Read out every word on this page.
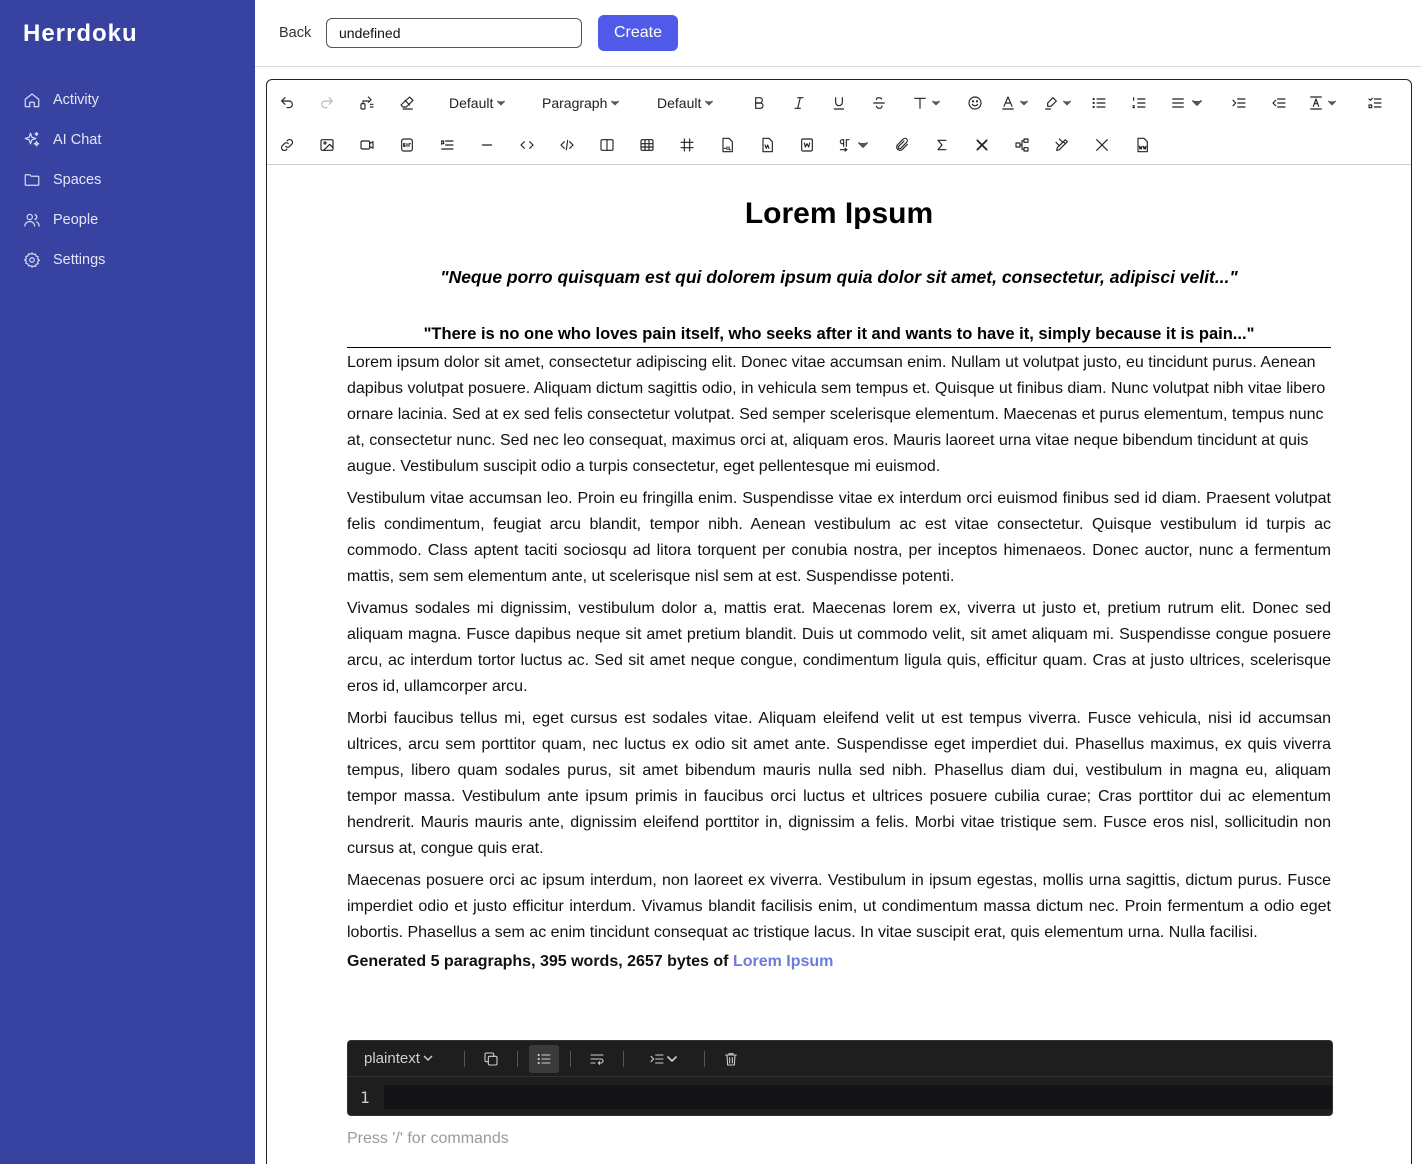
Herrdoku
Activity
AI Chat
Spaces
People
Settings
Back
undefined	Create
Default	Paragraph	Default
Lorem Ipsum
"Neque porro quisquam est qui dolorem ipsum quia dolor sit amet, consectetur, adipisci velit..."
"There is no one who loves pain itself, who seeks after it and wants to have it, simply because it is pain..."

Lorem ipsum dolor sit amet, consectetur adipiscing elit. Donec vitae accumsan enim. Nullam ut volutpat justo, eu tincidunt purus. Aenean dapibus volutpat posuere. Aliquam dictum sagittis odio, in vehicula sem tempus et. Quisque ut finibus diam. Nunc volutpat nibh vitae libero ornare lacinia. Sed at ex sed felis consectetur volutpat. Sed semper scelerisque elementum. Maecenas et purus elementum, tempus nunc at, consectetur nunc. Sed nec leo consequat, maximus orci at, aliquam eros. Mauris laoreet urna vitae neque bibendum tincidunt at quis augue. Vestibulum suscipit odio a turpis consectetur, eget pellentesque mi euismod.

Vestibulum vitae accumsan leo. Proin eu fringilla enim. Suspendisse vitae ex interdum orci euismod finibus sed id diam. Praesent volutpat felis condimentum, feugiat arcu blandit, tempor nibh. Aenean vestibulum ac est vitae consectetur. Quisque vestibulum id turpis ac commodo. Class aptent taciti sociosqu ad litora torquent per conubia nostra, per inceptos himenaeos. Donec auctor, nunc a fermentum mattis, sem sem elementum ante, ut scelerisque nisl sem at est. Suspendisse potenti.

Vivamus sodales mi dignissim, vestibulum dolor a, mattis erat. Maecenas lorem ex, viverra ut justo et, pretium rutrum elit. Donec sed aliquam magna. Fusce dapibus neque sit amet pretium blandit. Duis ut commodo velit, sit amet aliquam mi. Suspendisse congue posuere arcu, ac interdum tortor luctus ac. Sed sit amet neque congue, condimentum ligula quis, efficitur quam. Cras at justo ultrices, scelerisque eros id, ullamcorper arcu.

Morbi faucibus tellus mi, eget cursus est sodales vitae. Aliquam eleifend velit ut est tempus viverra. Fusce vehicula, nisi id accumsan ultrices, arcu sem porttitor quam, nec luctus ex odio sit amet ante. Suspendisse eget imperdiet dui. Phasellus maximus, ex quis viverra tempus, libero quam sodales purus, sit amet bibendum mauris nulla sed nibh. Phasellus diam dui, vestibulum in magna eu, aliquam tempor massa. Vestibulum ante ipsum primis in faucibus orci luctus et ultrices posuere cubilia curae; Cras porttitor dui ac elementum hendrerit. Mauris mauris ante, dignissim eleifend porttitor in, dignissim a felis. Morbi vitae tristique sem. Fusce eros nisl, sollicitudin non cursus at, congue quis erat.

Maecenas posuere orci ac ipsum interdum, non laoreet ex viverra. Vestibulum in ipsum egestas, mollis urna sagittis, dictum purus. Fusce imperdiet odio et justo efficitur interdum. Vivamus blandit facilisis enim, ut condimentum massa dictum nec. Proin fermentum a odio eget lobortis. Phasellus a sem ac enim tincidunt consequat ac tristique lacus. In vitae suscipit erat, quis elementum urna. Nulla facilisi.

Generated 5 paragraphs, 395 words, 2657 bytes of Lorem Ipsum
plaintext
1
Press '/' for commands
